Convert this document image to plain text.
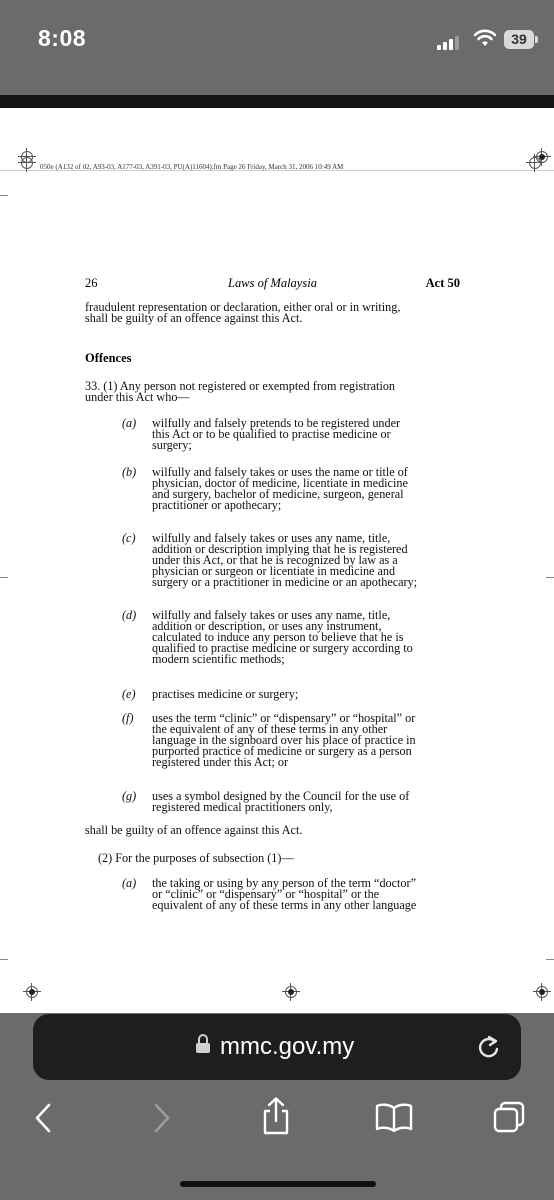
8:08	39
050e (A132 of 02, A93-03, A177-03, A391-03, PU(A)11604).fm Page 26 Friday, March 31, 2006 10:49 AM
26	Laws of Malaysia	Act 50
fraudulent representation or declaration, either oral or in writing,
shall be guilty of an offence against this Act.
Offences
33. (1) Any person not registered or exempted from registration
under this Act who—
(a) wilfully and falsely pretends to be registered under
this Act or to be qualified to practise medicine or
surgery;
(b) wilfully and falsely takes or uses the name or title of
physician, doctor of medicine, licentiate in medicine
and surgery, bachelor of medicine, surgeon, general
practitioner or apothecary;
(c) wilfully and falsely takes or uses any name, title,
addition or description implying that he is registered
under this Act, or that he is recognized by law as a
physician or surgeon or licentiate in medicine and
surgery or a practitioner in medicine or an apothecary;
(d) wilfully and falsely takes or uses any name, title,
addition or description, or uses any instrument,
calculated to induce any person to believe that he is
qualified to practise medicine or surgery according to
modern scientific methods;
(e) practises medicine or surgery;
(f) uses the term “clinic” or “dispensary” or “hospital” or
the equivalent of any of these terms in any other
language in the signboard over his place of practice in
purported practice of medicine or surgery as a person
registered under this Act; or
(g) uses a symbol designed by the Council for the use of
registered medical practitioners only,
shall be guilty of an offence against this Act.
(2) For the purposes of subsection (1)—
(a) the taking or using by any person of the term “doctor”
or “clinic” or “dispensary” or “hospital” or the
equivalent of any of these terms in any other language
mmc.gov.my
